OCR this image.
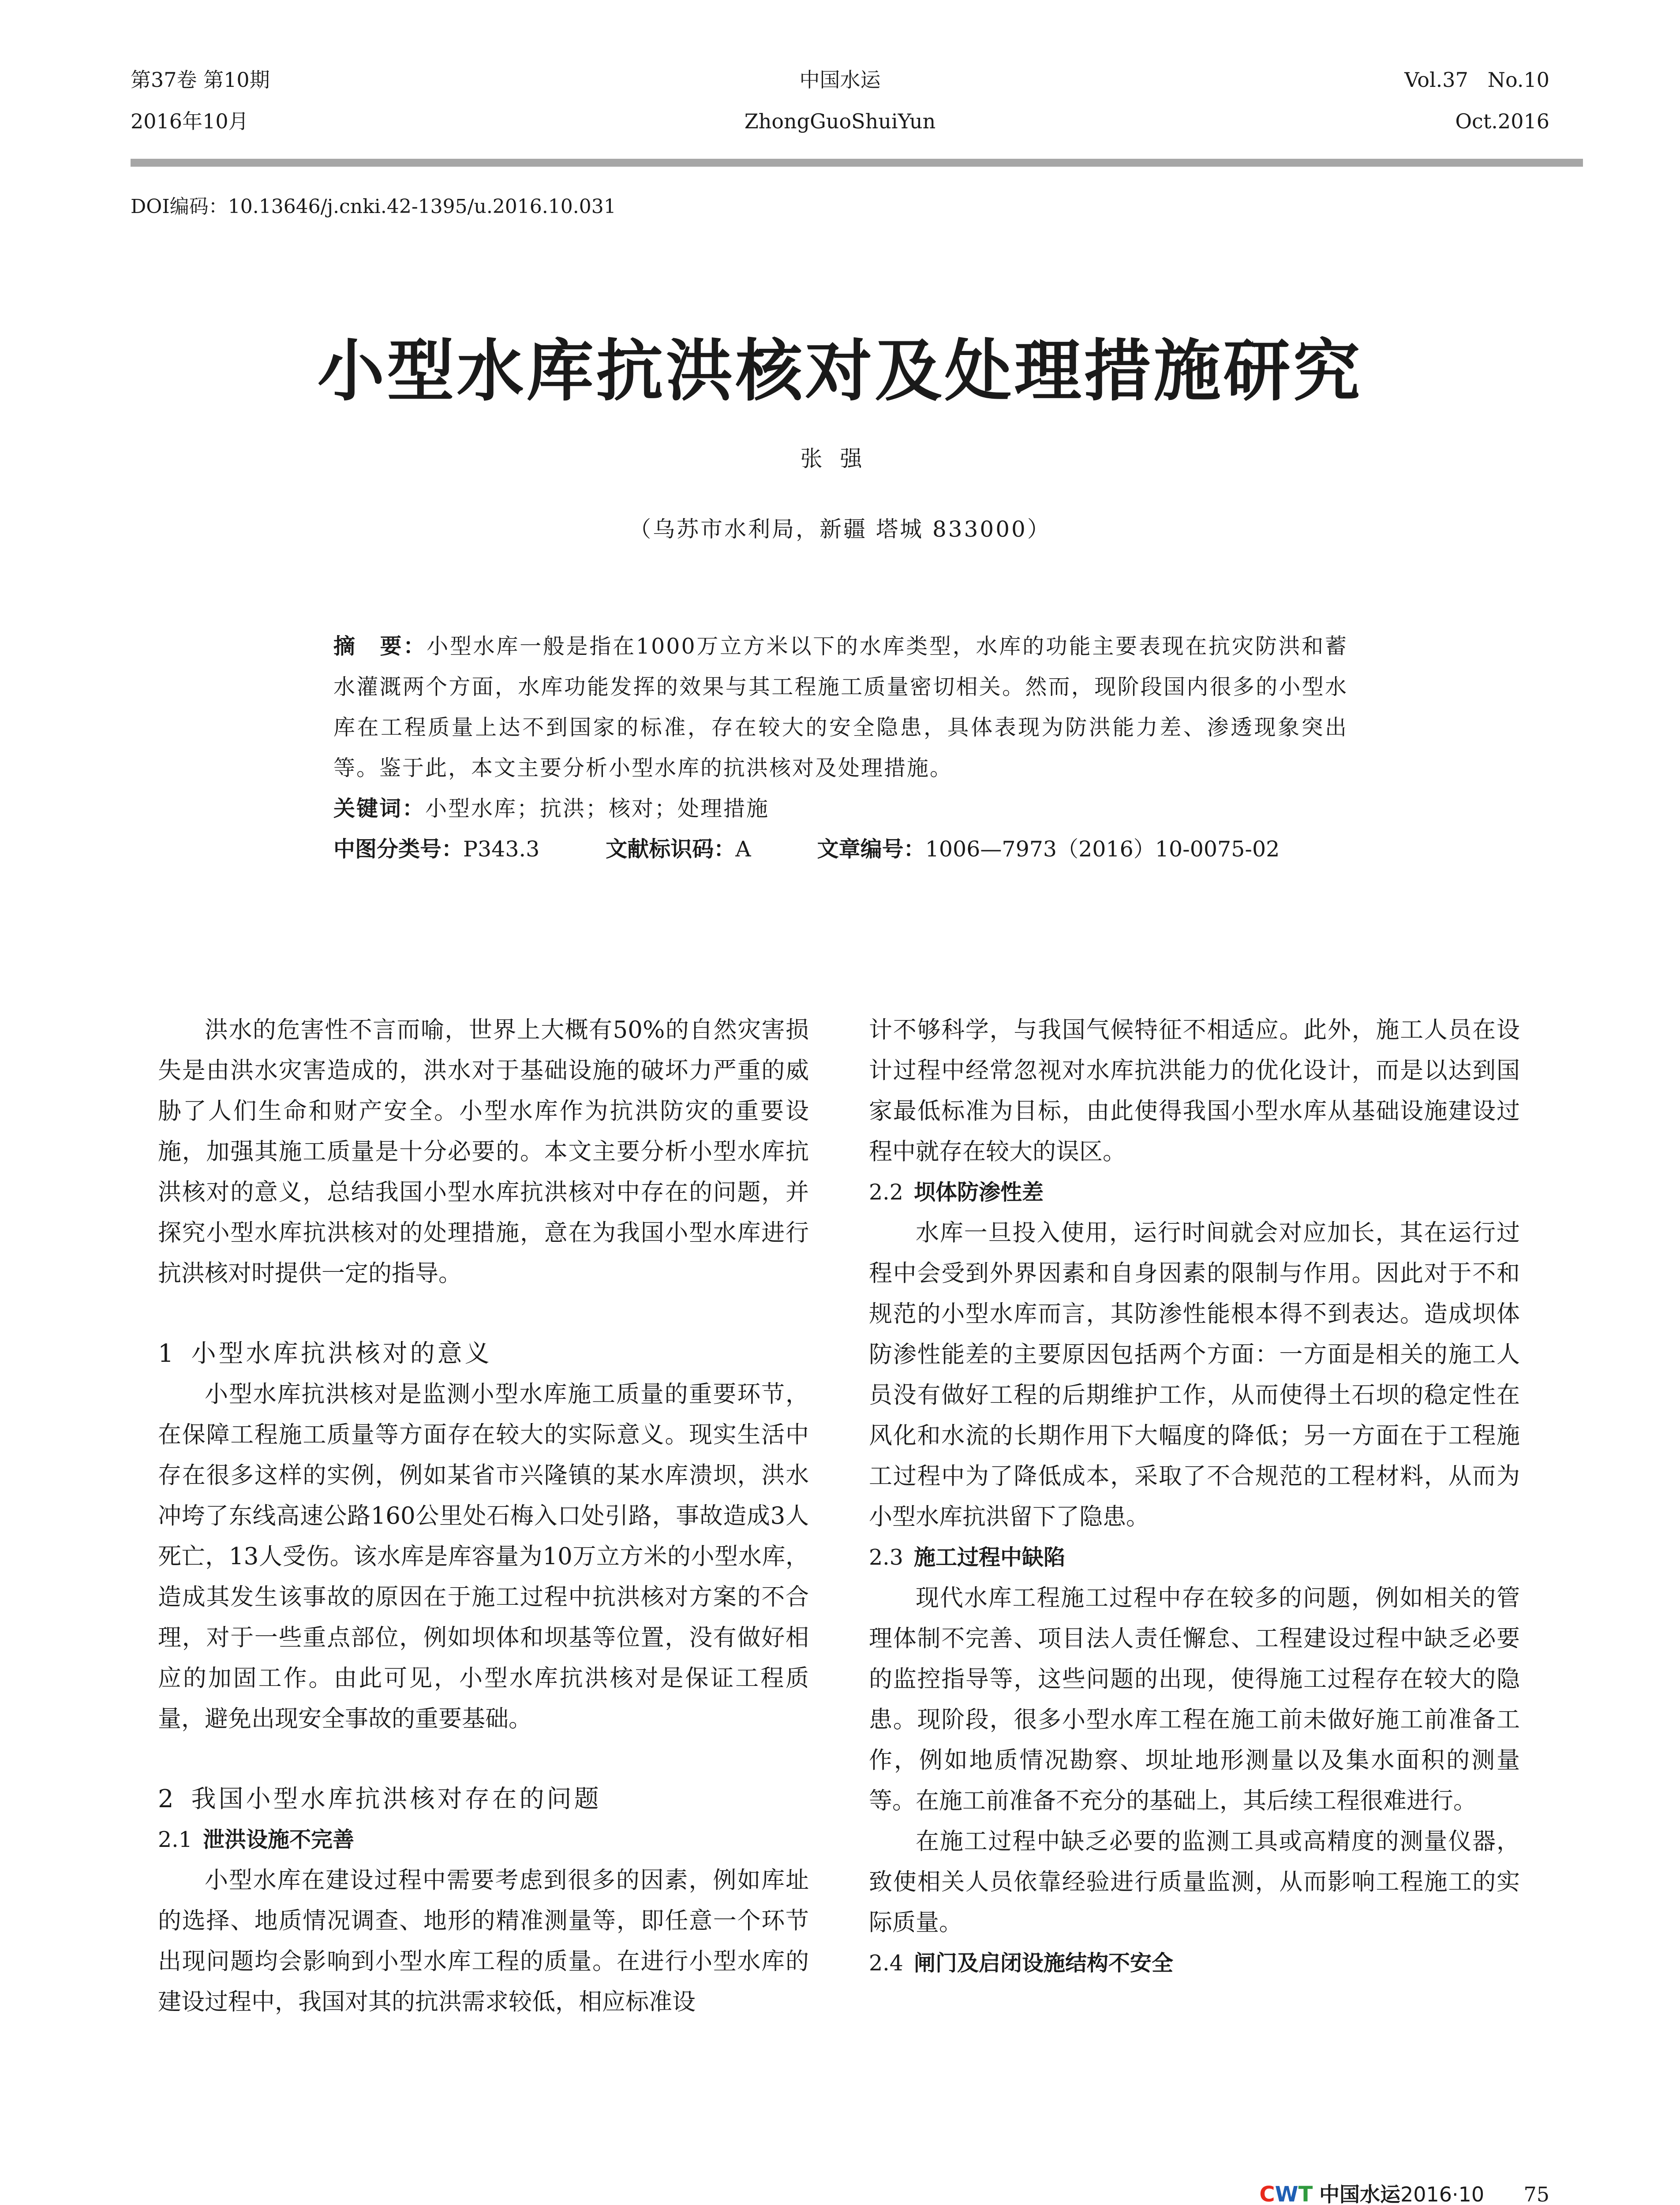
第37卷 第10期
2016年10月
中国水运
ZhongGuoShuiYun
Vol.37   No.10
Oct.2016
DOI编码：10.13646/j.cnki.42-1395/u.2016.10.031
小型水库抗洪核对及处理措施研究
张强
（乌苏市水利局，新疆 塔城 833000）

摘　要：小型水库一般是指在1000万立方米以下的水库类型，水库的功能主要表现在抗灾防洪和蓄水灌溉两个方面，水库功能发挥的效果与其工程施工质量密切相关。然而，现阶段国内很多的小型水库在工程质量上达不到国家的标准，存在较大的安全隐患，具体表现为防洪能力差、渗透现象突出等。鉴于此，本文主要分析小型水库的抗洪核对及处理措施。

关键词：小型水库；抗洪；核对；处理措施

中图分类号：P343.3	文献标识码：A	文章编号：1006—7973（2016）10-0075-02

洪水的危害性不言而喻，世界上大概有50%的自然灾害损失是由洪水灾害造成的，洪水对于基础设施的破坏力严重的威胁了人们生命和财产安全。小型水库作为抗洪防灾的重要设施，加强其施工质量是十分必要的。本文主要分析小型水库抗洪核对的意义，总结我国小型水库抗洪核对中存在的问题，并探究小型水库抗洪核对的处理措施，意在为我国小型水库进行抗洪核对时提供一定的指导。

1 小型水库抗洪核对的意义

小型水库抗洪核对是监测小型水库施工质量的重要环节，在保障工程施工质量等方面存在较大的实际意义。现实生活中存在很多这样的实例，例如某省市兴隆镇的某水库溃坝，洪水冲垮了东线高速公路160公里处石梅入口处引路，事故造成3人死亡，13人受伤。该水库是库容量为10万立方米的小型水库，造成其发生该事故的原因在于施工过程中抗洪核对方案的不合理，对于一些重点部位，例如坝体和坝基等位置，没有做好相应的加固工作。由此可见，小型水库抗洪核对是保证工程质量，避免出现安全事故的重要基础。

2 我国小型水库抗洪核对存在的问题

2.1 泄洪设施不完善

小型水库在建设过程中需要考虑到很多的因素，例如库址的选择、地质情况调查、地形的精准测量等，即任意一个环节出现问题均会影响到小型水库工程的质量。在进行小型水库的建设过程中，我国对其的抗洪需求较低，相应标准设

计不够科学，与我国气候特征不相适应。此外，施工人员在设计过程中经常忽视对水库抗洪能力的优化设计，而是以达到国家最低标准为目标，由此使得我国小型水库从基础设施建设过程中就存在较大的误区。

2.2 坝体防渗性差

水库一旦投入使用，运行时间就会对应加长，其在运行过程中会受到外界因素和自身因素的限制与作用。因此对于不和规范的小型水库而言，其防渗性能根本得不到表达。造成坝体防渗性能差的主要原因包括两个方面：一方面是相关的施工人员没有做好工程的后期维护工作，从而使得土石坝的稳定性在风化和水流的长期作用下大幅度的降低；另一方面在于工程施工过程中为了降低成本，采取了不合规范的工程材料，从而为小型水库抗洪留下了隐患。

2.3 施工过程中缺陷

现代水库工程施工过程中存在较多的问题，例如相关的管理体制不完善、项目法人责任懈怠、工程建设过程中缺乏必要的监控指导等，这些问题的出现，使得施工过程存在较大的隐患。现阶段，很多小型水库工程在施工前未做好施工前准备工作，例如地质情况勘察、坝址地形测量以及集水面积的测量等。在施工前准备不充分的基础上，其后续工程很难进行。

在施工过程中缺乏必要的监测工具或高精度的测量仪器，致使相关人员依靠经验进行质量监测，从而影响工程施工的实际质量。

2.4 闸门及启闭设施结构不安全

CWT 中国水运2016·10 75
